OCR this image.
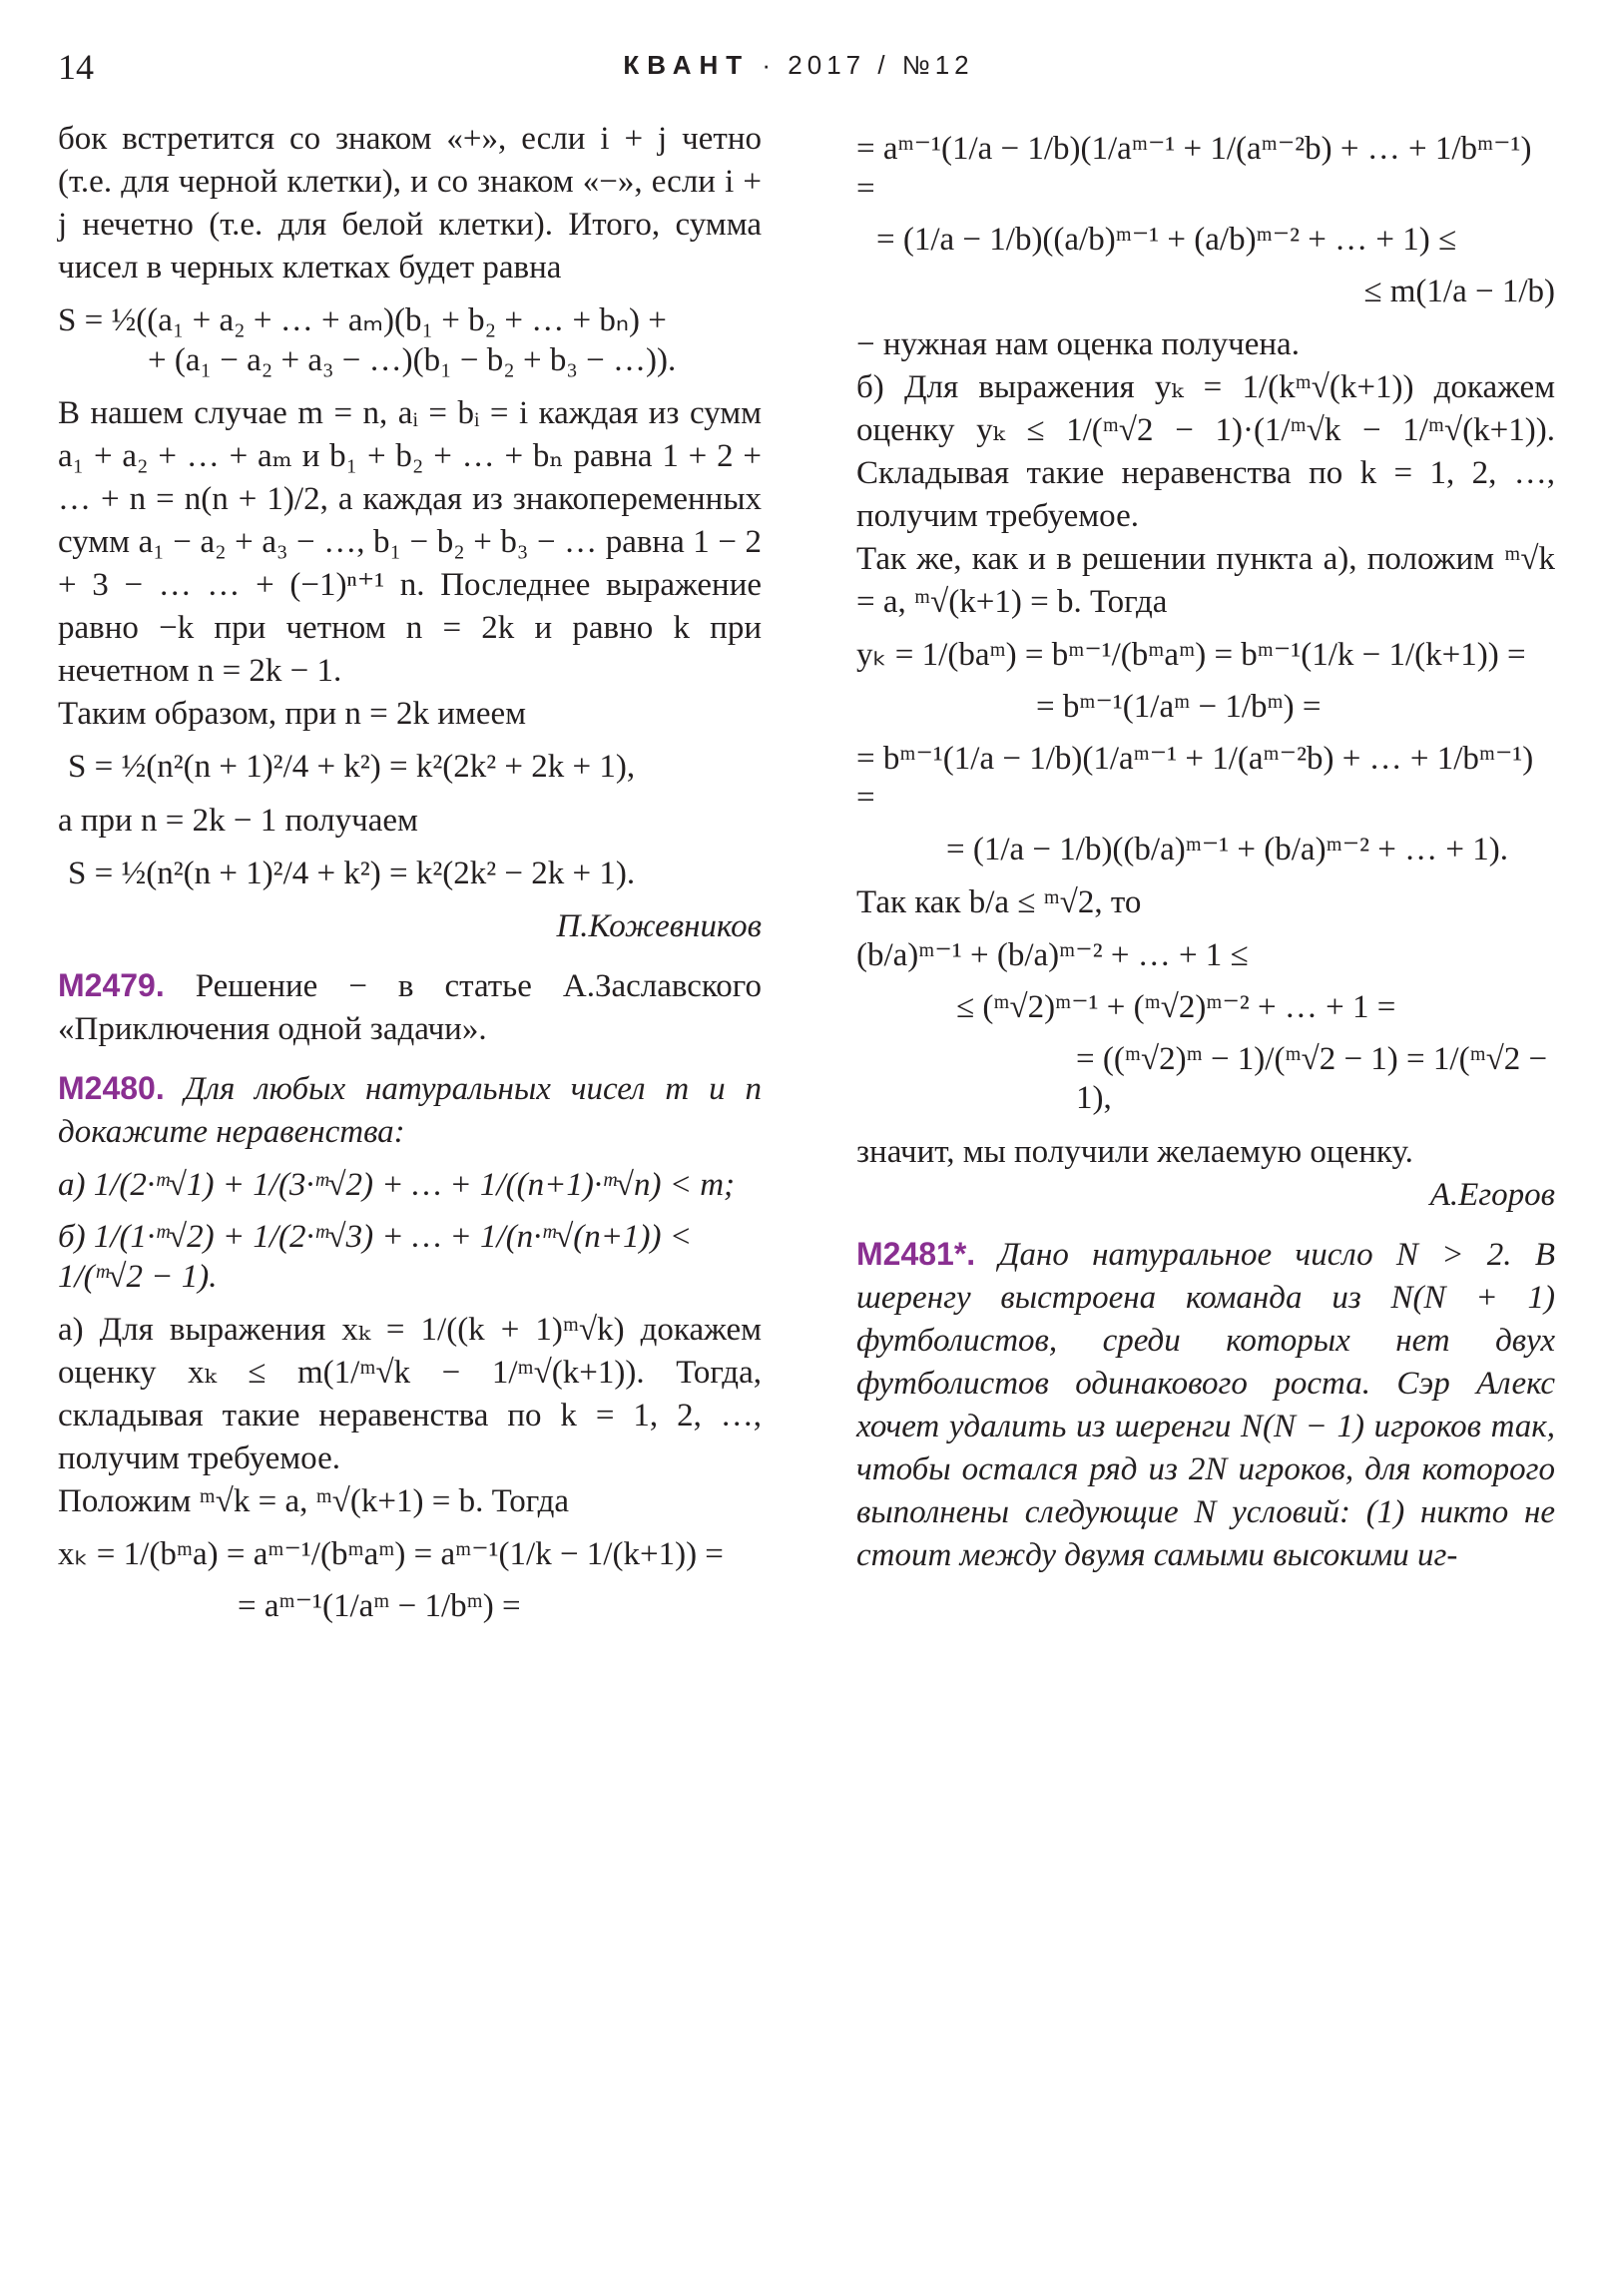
14	КВАНТ · 2017 / №12

бок встретится со знаком «+», если i + j четно (т.е. для черной клетки), и со знаком «−», если i + j нечетно (т.е. для белой клетки). Итого, сумма чисел в черных клетках будет равна

S = ½((a₁ + a₂ + … + aₘ)(b₁ + b₂ + … + bₙ) +
+ (a₁ − a₂ + a₃ − …)(b₁ − b₂ + b₃ − …)).

В нашем случае m = n, aᵢ = bᵢ = i каждая из сумм a₁ + a₂ + … + aₘ и b₁ + b₂ + … + bₙ равна 1 + 2 + … + n = n(n + 1)/2, а каждая из знакопеременных сумм a₁ − a₂ + a₃ − …, b₁ − b₂ + b₃ − … равна 1 − 2 + 3 − … … + (−1)ⁿ⁺¹ n. Последнее выражение равно −k при четном n = 2k и равно k при нечетном n = 2k − 1.

Таким образом, при n = 2k имеем

S = ½(n²(n + 1)²/4 + k²) = k²(2k² + 2k + 1),

а при n = 2k − 1 получаем

S = ½(n²(n + 1)²/4 + k²) = k²(2k² − 2k + 1).
П.Кожевников

M2479. Решение − в статье А.Заславского «Приключения одной задачи».

M2480. Для любых натуральных чисел m и n докажите неравенства:

а) 1/(2·ᵐ√1) + 1/(3·ᵐ√2) + … + 1/((n+1)·ᵐ√n) < m;
б) 1/(1·ᵐ√2) + 1/(2·ᵐ√3) + … + 1/(n·ᵐ√(n+1)) < 1/(ᵐ√2 − 1).

а) Для выражения xₖ = 1/((k + 1)ᵐ√k) докажем оценку xₖ ≤ m(1/ᵐ√k − 1/ᵐ√(k+1)). Тогда, складывая такие неравенства по k = 1, 2, …, получим требуемое.

Положим ᵐ√k = a, ᵐ√(k+1) = b. Тогда

xₖ = 1/(bᵐa) = aᵐ⁻¹/(bᵐaᵐ) = aᵐ⁻¹(1/k − 1/(k+1)) =
= aᵐ⁻¹(1/aᵐ − 1/bᵐ) =
= aᵐ⁻¹(1/a − 1/b)(1/aᵐ⁻¹ + 1/(aᵐ⁻²b) + … + 1/bᵐ⁻¹) =
= (1/a − 1/b)((a/b)ᵐ⁻¹ + (a/b)ᵐ⁻² + … + 1) ≤
≤ m(1/a − 1/b)

− нужная нам оценка получена.

б) Для выражения yₖ = 1/(kᵐ√(k+1)) докажем оценку yₖ ≤ 1/(ᵐ√2 − 1)·(1/ᵐ√k − 1/ᵐ√(k+1)). Складывая такие неравенства по k = 1, 2, …, получим требуемое.

Так же, как и в решении пункта а), положим ᵐ√k = a, ᵐ√(k+1) = b. Тогда

yₖ = 1/(baᵐ) = bᵐ⁻¹/(bᵐaᵐ) = bᵐ⁻¹(1/k − 1/(k+1)) =
= bᵐ⁻¹(1/aᵐ − 1/bᵐ) =
= bᵐ⁻¹(1/a − 1/b)(1/aᵐ⁻¹ + 1/(aᵐ⁻²b) + … + 1/bᵐ⁻¹) =
= (1/a − 1/b)((b/a)ᵐ⁻¹ + (b/a)ᵐ⁻² + … + 1).

Так как b/a ≤ ᵐ√2, то

(b/a)ᵐ⁻¹ + (b/a)ᵐ⁻² + … + 1 ≤
≤ (ᵐ√2)ᵐ⁻¹ + (ᵐ√2)ᵐ⁻² + … + 1 =
= ((ᵐ√2)ᵐ − 1)/(ᵐ√2 − 1) = 1/(ᵐ√2 − 1),

значит, мы получили желаемую оценку.

А.Егоров

M2481*. Дано натуральное число N > 2. В шеренгу выстроена команда из N(N + 1) футболистов, среди которых нет двух футболистов одинакового роста. Сэр Алекс хочет удалить из шеренги N(N − 1) игроков так, чтобы остался ряд из 2N игроков, для которого выполнены следующие N условий: (1) никто не стоит между двумя самыми высокими иг-
